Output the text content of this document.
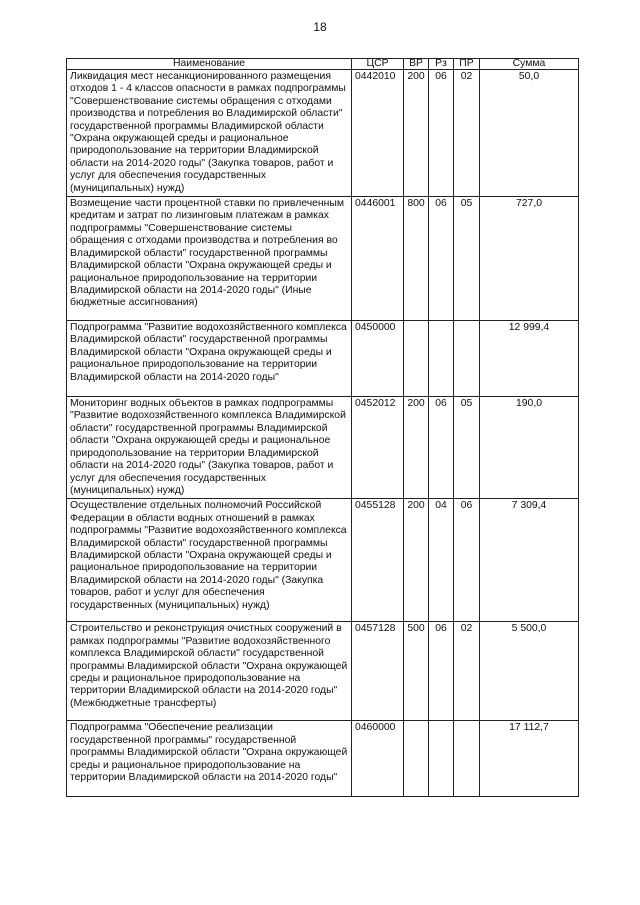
18
Наименование	ЦСР	ВР	Рз	ПР	Сумма
Ликвидация мест несанкционированного размещения отходов 1 - 4 классов опасности в рамках подпрограммы "Совершенствование системы обращения с отходами производства и потребления во Владимирской области" государственной программы Владимирской области "Охрана окружающей среды и рациональное природопользование на территории Владимирской области на 2014-2020 годы" (Закупка товаров, работ и услуг для обеспечения государственных (муниципальных) нужд)	0442010	200	06	02	50,0
Возмещение части процентной ставки по привлеченным кредитам и затрат по лизинговым платежам в рамках подпрограммы "Совершенствование системы обращения с отходами производства и потребления во Владимирской области" государственной программы Владимирской области "Охрана окружающей среды и рациональное природопользование на территории Владимирской области на 2014-2020 годы" (Иные бюджетные ассигнования)	0446001	800	06	05	727,0
Подпрограмма "Развитие водохозяйственного комплекса Владимирской области" государственной программы Владимирской области "Охрана окружающей среды и рациональное природопользование на территории Владимирской области на 2014-2020 годы"	0450000				12 999,4
Мониторинг водных объектов в рамках подпрограммы "Развитие водохозяйственного комплекса Владимирской области" государственной программы Владимирской области "Охрана окружающей среды и рациональное природопользование на территории Владимирской области на 2014-2020 годы" (Закупка товаров, работ и услуг для обеспечения государственных (муниципальных) нужд)	0452012	200	06	05	190,0
Осуществление отдельных полномочий Российской Федерации в области водных отношений в рамках подпрограммы "Развитие водохозяйственного комплекса Владимирской области" государственной программы Владимирской области "Охрана окружающей среды и рациональное природопользование на территории Владимирской области на 2014-2020 годы" (Закупка товаров, работ и услуг для обеспечения государственных (муниципальных) нужд)	0455128	200	04	06	7 309,4
Строительство и реконструкция очистных сооружений в рамках подпрограммы "Развитие водохозяйственного комплекса Владимирской области" государственной программы Владимирской области "Охрана окружающей среды и рациональное природопользование на территории Владимирской области на 2014-2020 годы" (Межбюджетные трансферты)	0457128	500	06	02	5 500,0
Подпрограмма "Обеспечение реализации государственной программы" государственной программы Владимирской области "Охрана окружающей среды и рациональное природопользование на территории Владимирской области на 2014-2020 годы"	0460000				17 112,7
